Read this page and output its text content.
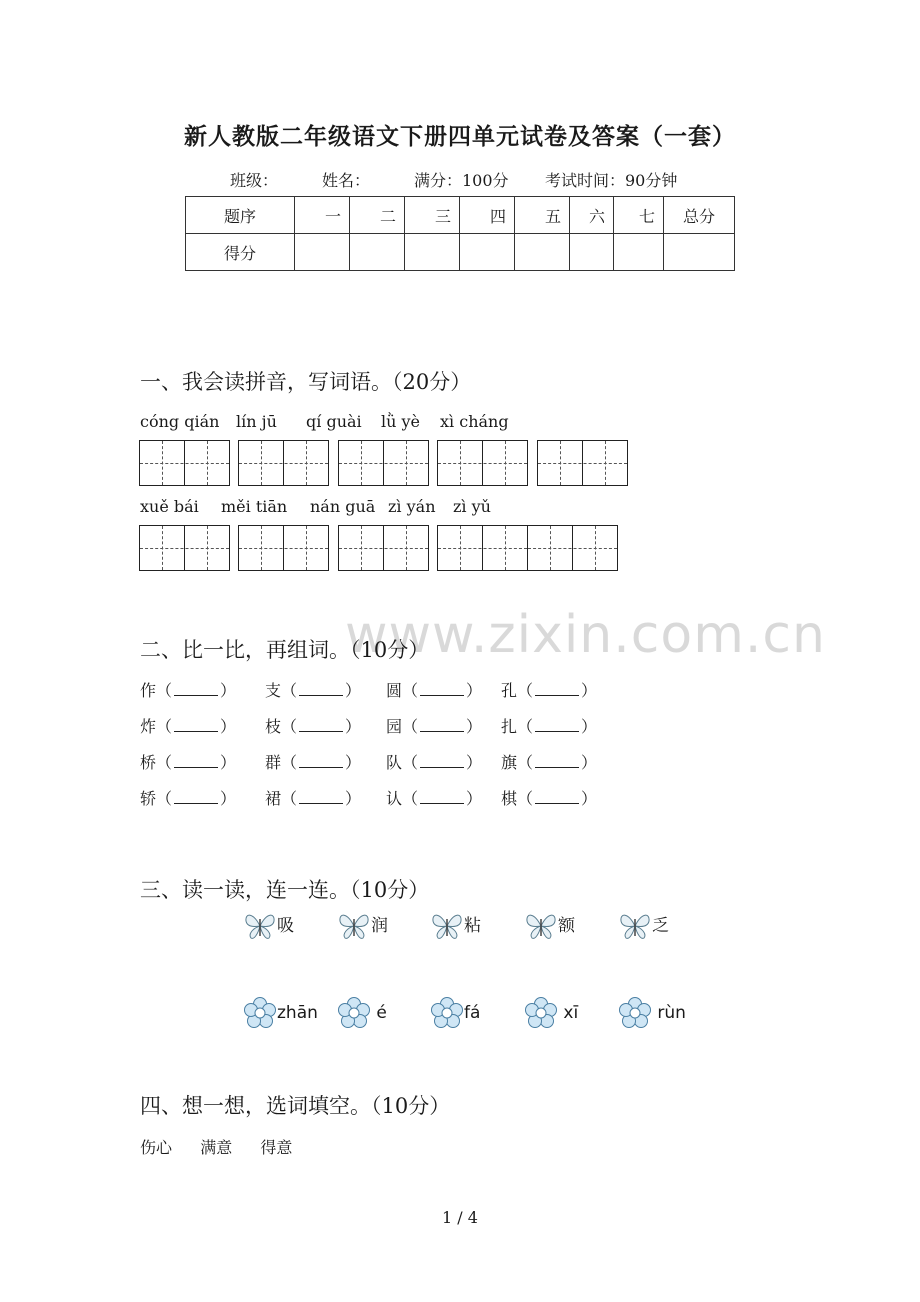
新人教版二年级语文下册四单元试卷及答案（一套）
班级：	姓名：	满分：100分 考试时间：90分钟
题序	一	二	三	四	五	六	七	总分
得分								
一、我会读拼音，写词语。（20分）
cóng qián lín jū qí guài lǜ yè xì cháng
xuě bái měi tiān nán guā zì yán zì yǔ
www.zixin.com.cn
二、比一比，再组词。（10分）
作（	） 支（	） 圆（	） 孔（	）
炸（	） 枝（	） 园（	） 扎（	）
桥（	） 群（	） 队（	） 旗（	）
轿（	） 裙（	） 认（	） 棋（	）
三、读一读，连一连。（10分）
吸	润	粘	额	乏
zhān	é	fá	xī	rùn
四、想一想，选词填空。（10分）
伤心 满意 得意
1 / 4
